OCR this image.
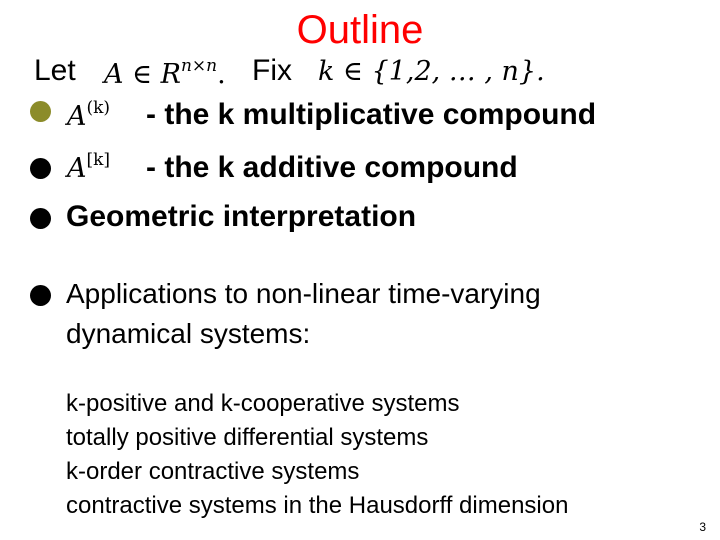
Outline
Let A ∈ $R^{n\times n}$. Fix k ∈ {1,2, … , n}.
$A^{(k)}$ - the k multiplicative compound
A[k] - the k additive compound
Geometric interpretation
Applications to non-linear time-varying
dynamical systems:
k-positive and k-cooperative systems
totally positive differential systems
k-order contractive systems
contractive systems in the Hausdorff dimension
3
